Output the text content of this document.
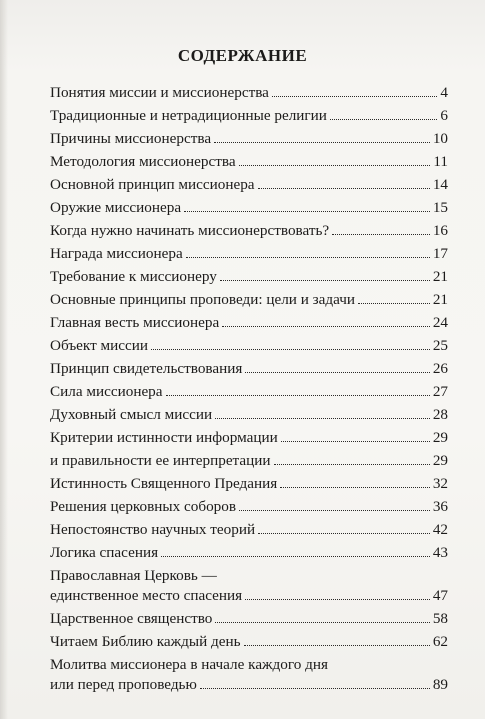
СОДЕРЖАНИЕ
Понятия миссии и миссионерства	4
Традиционные и нетрадиционные религии	6
Причины миссионерства	10
Методология миссионерства	11
Основной принцип миссионера	14
Оружие миссионера	15
Когда нужно начинать миссионерствовать?	16
Награда миссионера	17
Требование к миссионеру	21
Основные принципы проповеди: цели и задачи	21
Главная весть миссионера	24
Объект миссии	25
Принцип свидетельствования	26
Сила миссионера	27
Духовный смысл миссии	28
Критерии истинности информации	29
и правильности ее интерпретации	29
Истинность Священного Предания	32
Решения церковных соборов	36
Непостоянство научных теорий	42
Логика спасения	43
Православная Церковь —
единственное место спасения	47
Царственное священство	58
Читаем Библию каждый день	62
Молитва миссионера в начале каждого дня
или перед проповедью	89
